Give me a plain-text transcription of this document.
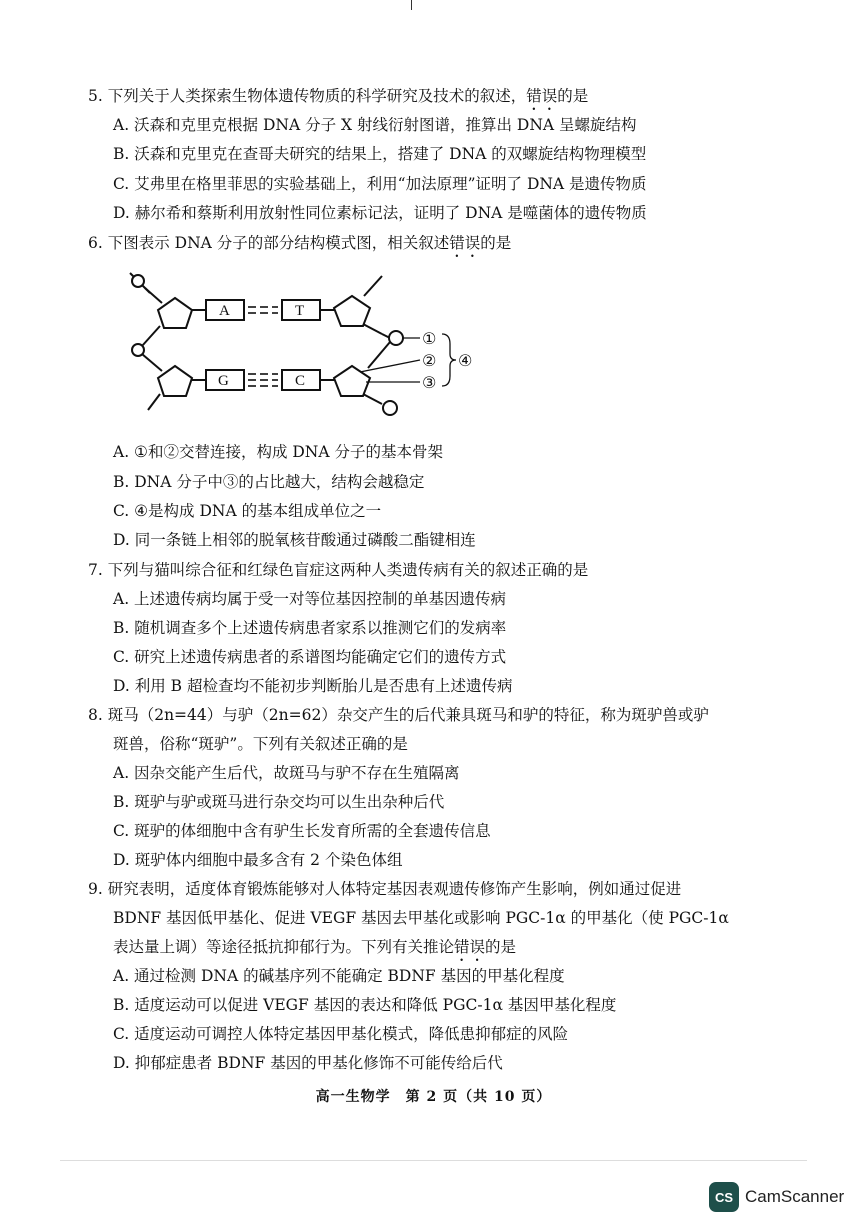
5. 下列关于人类探索生物体遗传物质的科学研究及技术的叙述，错误的是
A. 沃森和克里克根据 DNA 分子 X 射线衍射图谱，推算出 DNA 呈螺旋结构
B. 沃森和克里克在查哥夫研究的结果上，搭建了 DNA 的双螺旋结构物理模型
C. 艾弗里在格里菲思的实验基础上，利用“加法原理”证明了 DNA 是遗传物质
D. 赫尔希和蔡斯利用放射性同位素标记法，证明了 DNA 是噬菌体的遗传物质
6. 下图表示 DNA 分子的部分结构模式图，相关叙述错误的是
A	T
G	C
①
②
③
④
A. ①和②交替连接，构成 DNA 分子的基本骨架
B. DNA 分子中③的占比越大，结构会越稳定
C. ④是构成 DNA 的基本组成单位之一
D. 同一条链上相邻的脱氧核苷酸通过磷酸二酯键相连
7. 下列与猫叫综合征和红绿色盲症这两种人类遗传病有关的叙述正确的是
A. 上述遗传病均属于受一对等位基因控制的单基因遗传病
B. 随机调查多个上述遗传病患者家系以推测它们的发病率
C. 研究上述遗传病患者的系谱图均能确定它们的遗传方式
D. 利用 B 超检查均不能初步判断胎儿是否患有上述遗传病
8. 斑马（2n=44）与驴（2n=62）杂交产生的后代兼具斑马和驴的特征，称为斑驴兽或驴
斑兽，俗称“斑驴”。下列有关叙述正确的是
A. 因杂交能产生后代，故斑马与驴不存在生殖隔离
B. 斑驴与驴或斑马进行杂交均可以生出杂种后代
C. 斑驴的体细胞中含有驴生长发育所需的全套遗传信息
D. 斑驴体内细胞中最多含有 2 个染色体组
9. 研究表明，适度体育锻炼能够对人体特定基因表观遗传修饰产生影响，例如通过促进
BDNF 基因低甲基化、促进 VEGF 基因去甲基化或影响 PGC-1α 的甲基化（使 PGC-1α
表达量上调）等途径抵抗抑郁行为。下列有关推论错误的是
A. 通过检测 DNA 的碱基序列不能确定 BDNF 基因的甲基化程度
B. 适度运动可以促进 VEGF 基因的表达和降低 PGC-1α 基因甲基化程度
C. 适度运动可调控人体特定基因甲基化模式，降低患抑郁症的风险
D. 抑郁症患者 BDNF 基因的甲基化修饰不可能传给后代
高一生物学　第 2 页（共 10 页）
CS CamScanner
